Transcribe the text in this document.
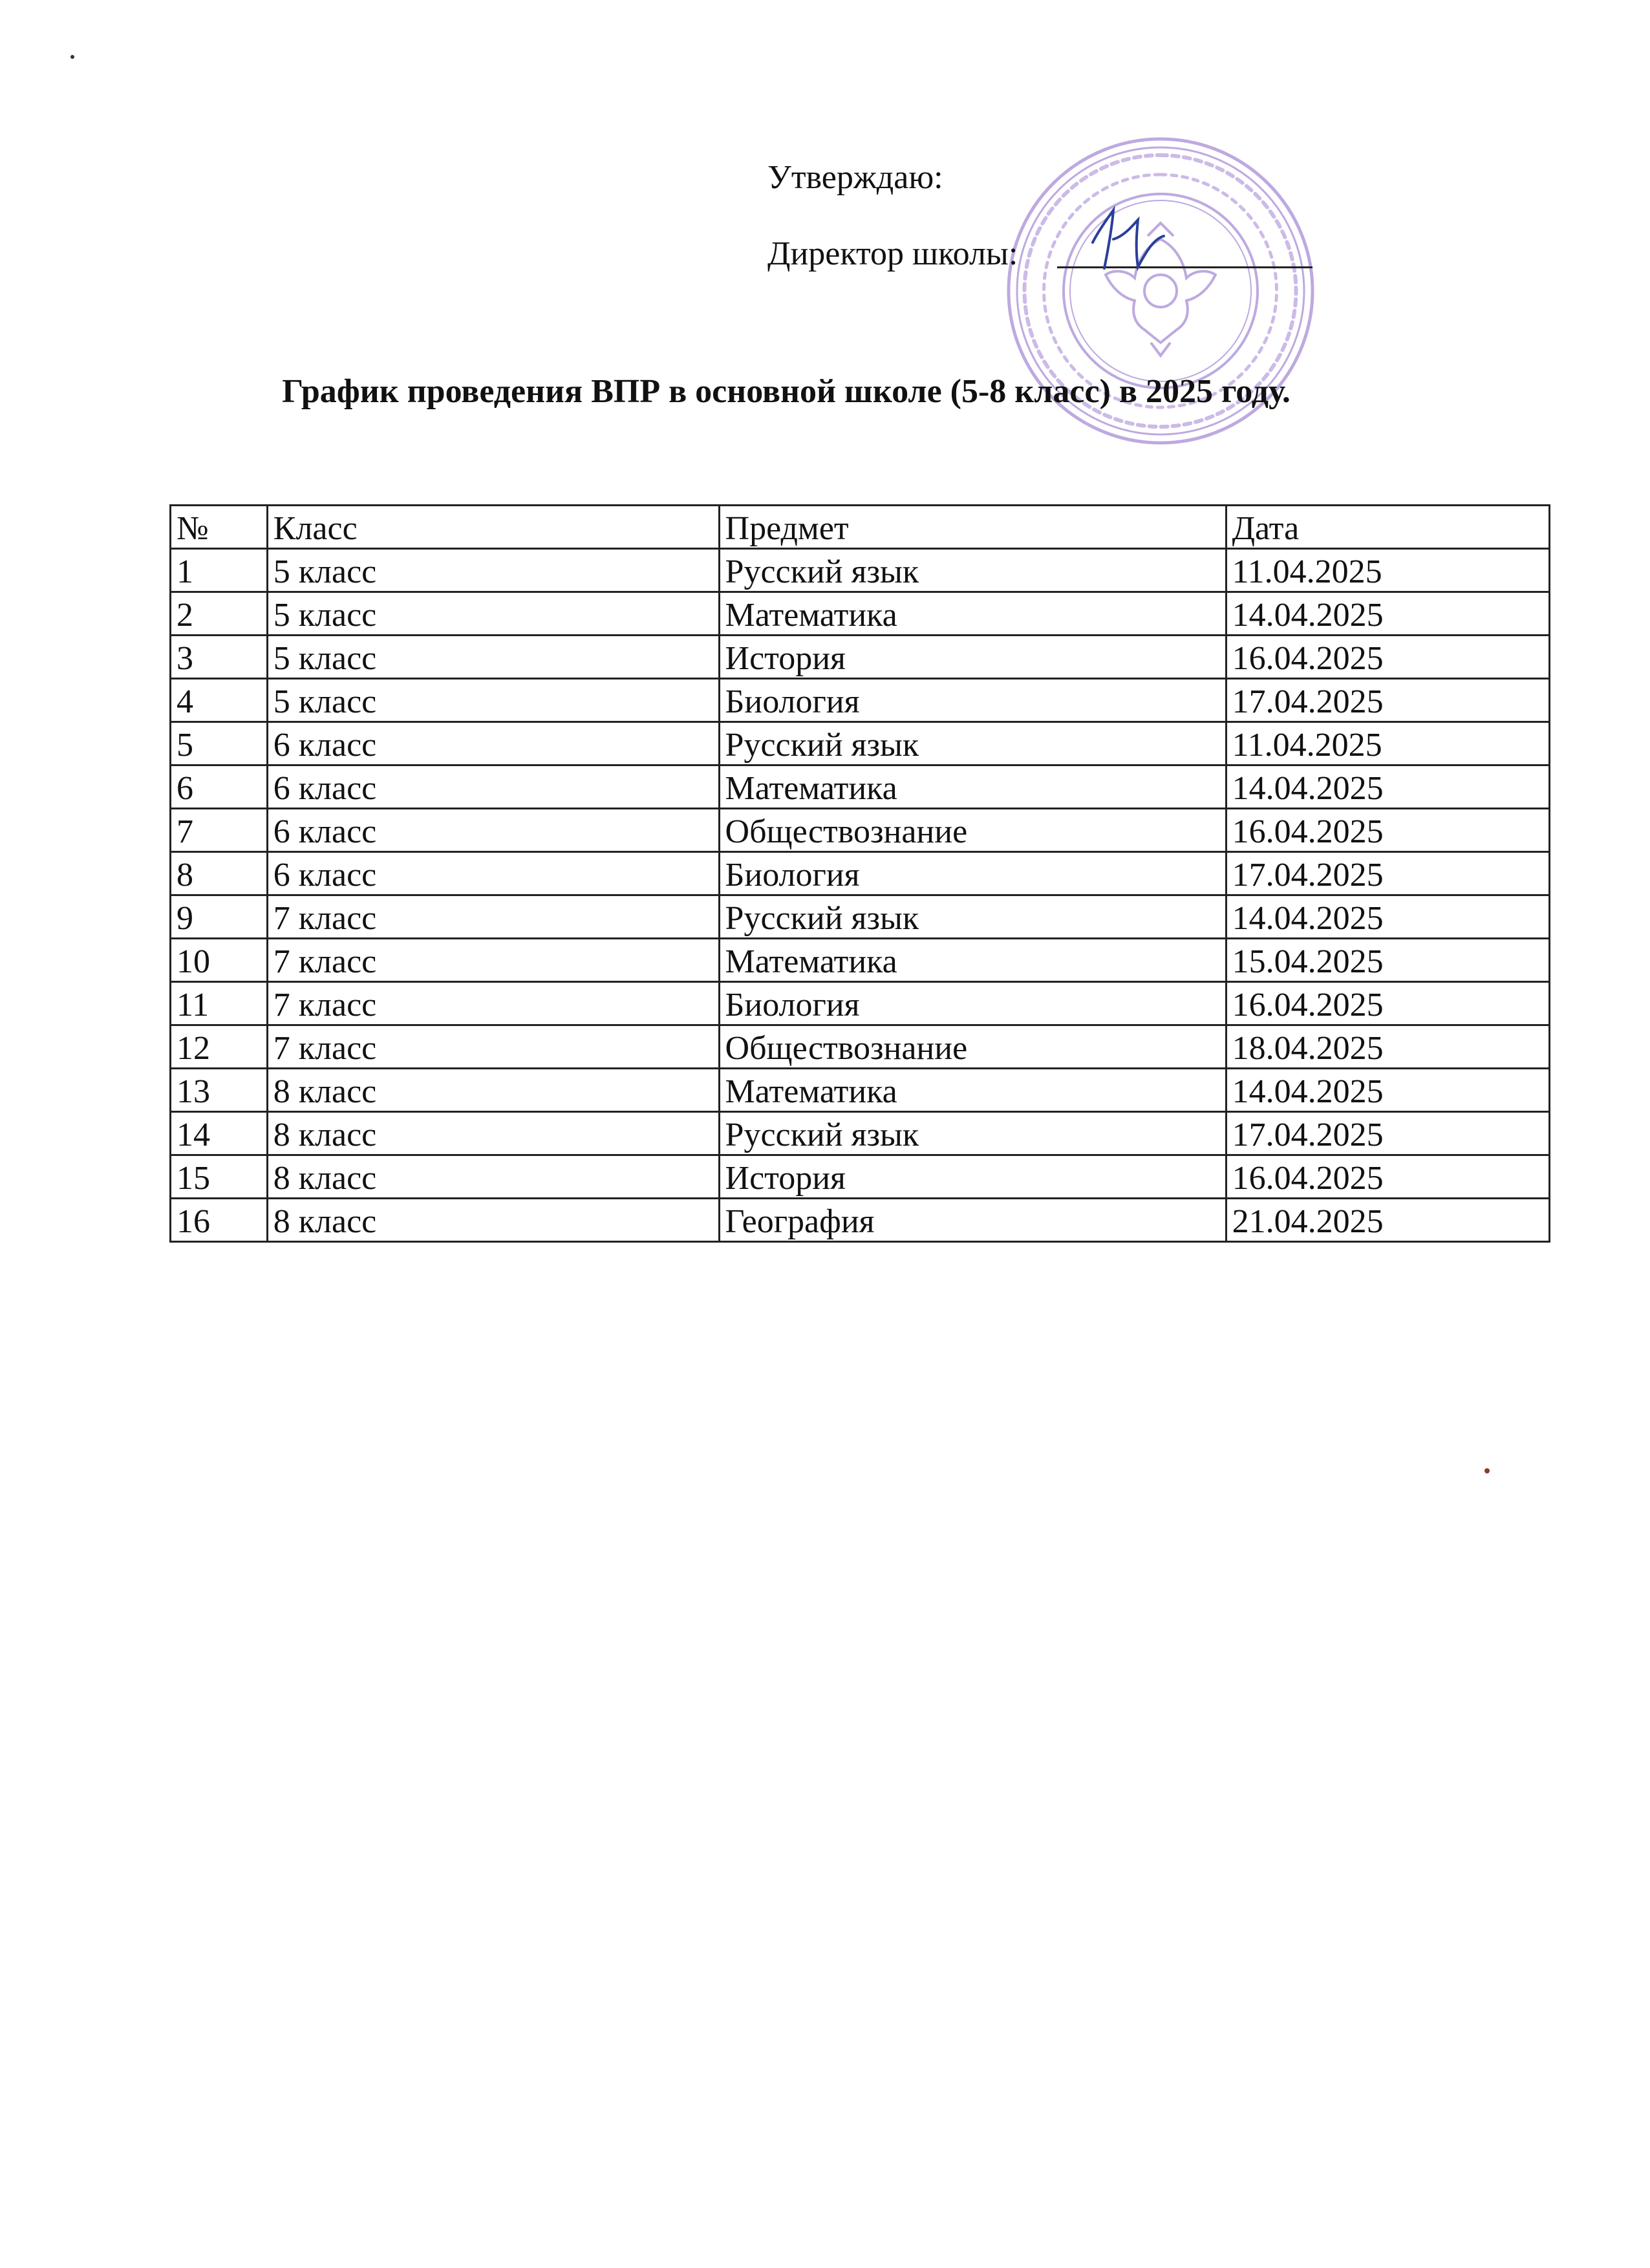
Утверждаю:
Директор школы:
График проведения ВПР в основной школе (5-8 класс) в 2025 году.
№	Класс	Предмет	Дата
1	5 класс	Русский язык	11.04.2025
2	5 класс	Математика	14.04.2025
3	5 класс	История	16.04.2025
4	5 класс	Биология	17.04.2025
5	6 класс	Русский язык	11.04.2025
6	6 класс	Математика	14.04.2025
7	6 класс	Обществознание	16.04.2025
8	6 класс	Биология	17.04.2025
9	7 класс	Русский язык	14.04.2025
10	7 класс	Математика	15.04.2025
11	7 класс	Биология	16.04.2025
12	7 класс	Обществознание	18.04.2025
13	8 класс	Математика	14.04.2025
14	8 класс	Русский язык	17.04.2025
15	8 класс	История	16.04.2025
16	8 класс	География	21.04.2025
